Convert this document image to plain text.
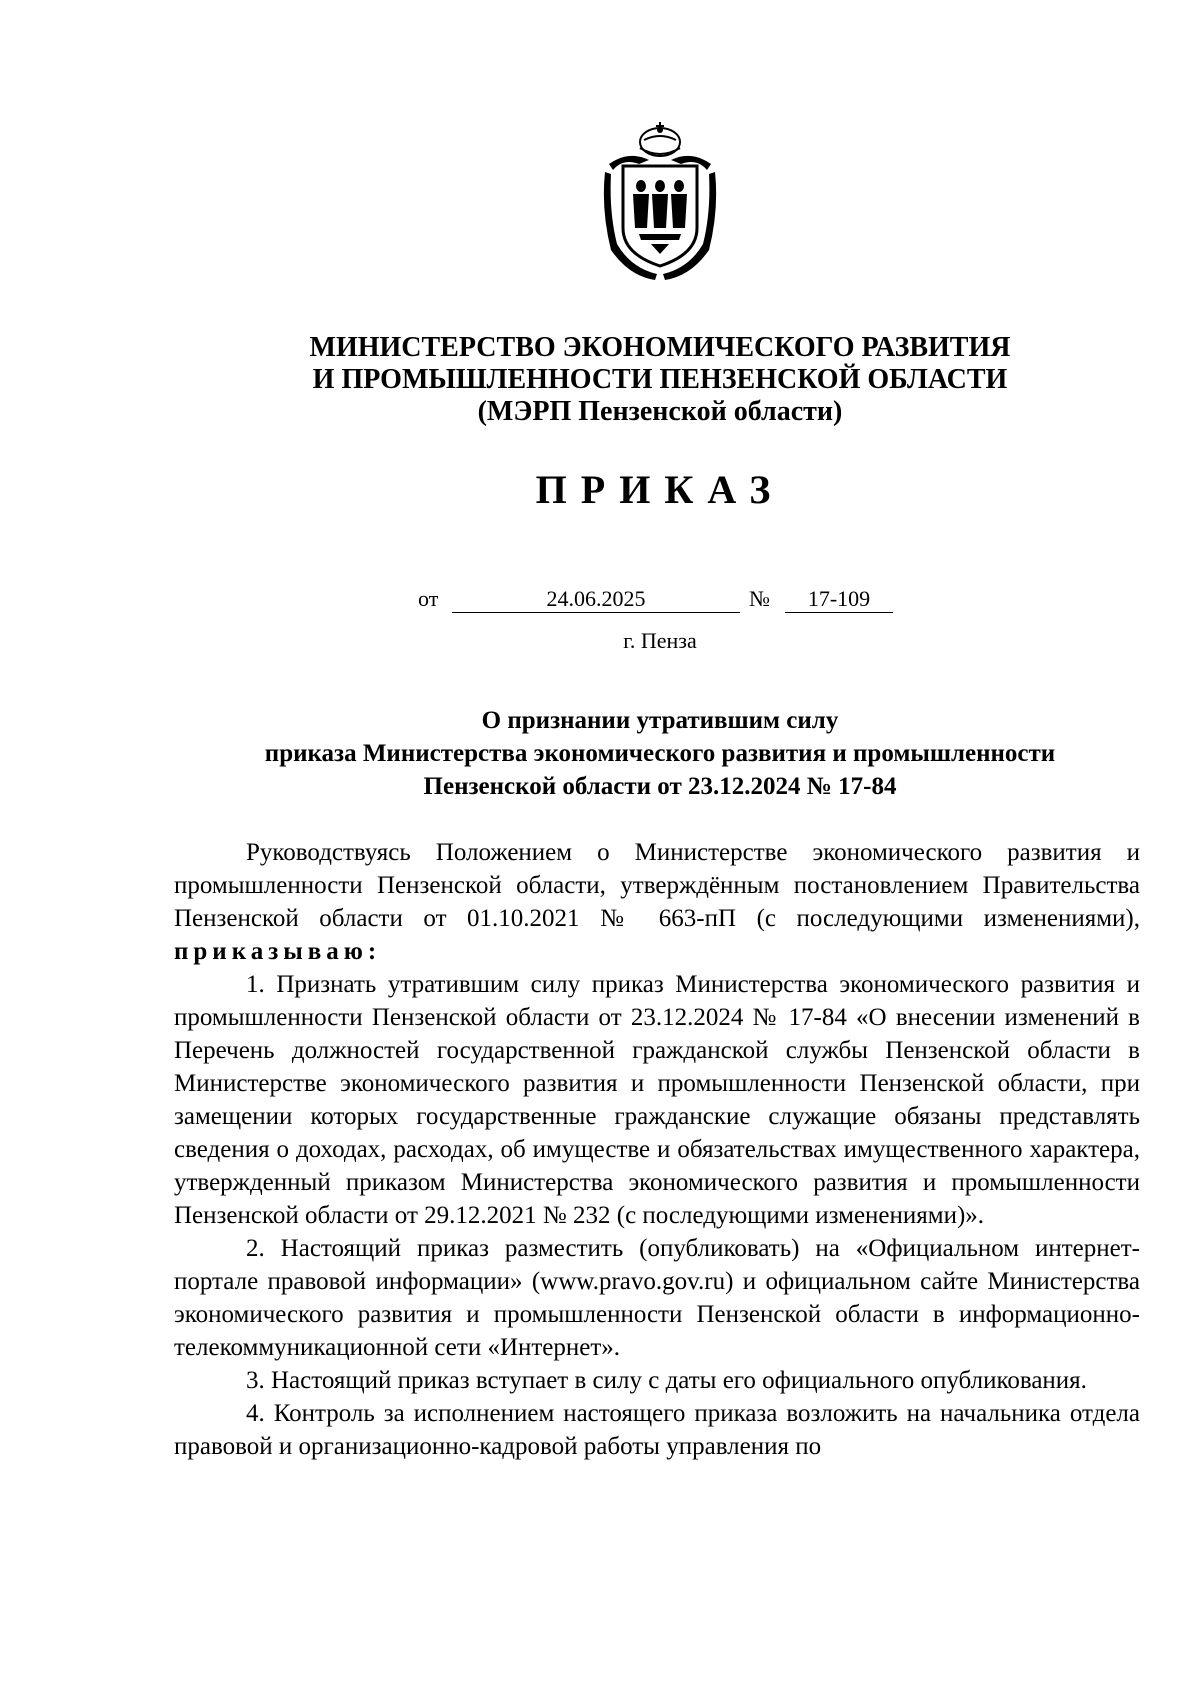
МИНИСТЕРСТВО ЭКОНОМИЧЕСКОГО РАЗВИТИЯ
И ПРОМЫШЛЕННОСТИ ПЕНЗЕНСКОЙ ОБЛАСТИ
(МЭРП Пензенской области)
ПРИКАЗ
от	24.06.2025	№	17-109
г. Пенза
О признании утратившим силу
приказа Министерства экономического развития и промышленности
Пензенской области от 23.12.2024 № 17-84

Руководствуясь Положением о Министерстве экономического развития и промышленности Пензенской области, утверждённым постановлением Правительства Пензенской области от 01.10.2021 № 663-пП (с последующими изменениями), приказываю:

1. Признать утратившим силу приказ Министерства экономического развития и промышленности Пензенской области от 23.12.2024 № 17-84 «О внесении изменений в Перечень должностей государственной гражданской службы Пензенской области в Министерстве экономического развития и промышленности Пензенской области, при замещении которых государственные гражданские служащие обязаны представлять сведения о доходах, расходах, об имуществе и обязательствах имущественного характера, утвержденный приказом Министерства экономического развития и промышленности Пензенской области от 29.12.2021 № 232 (с последующими изменениями)».

2. Настоящий приказ разместить (опубликовать) на «Официальном интернет-портале правовой информации» (www.pravo.gov.ru) и официальном сайте Министерства экономического развития и промышленности Пензенской области в информационно-телекоммуникационной сети «Интернет».

3. Настоящий приказ вступает в силу с даты его официального опубликования.

4. Контроль за исполнением настоящего приказа возложить на начальника отдела правовой и организационно-кадровой работы управления по
